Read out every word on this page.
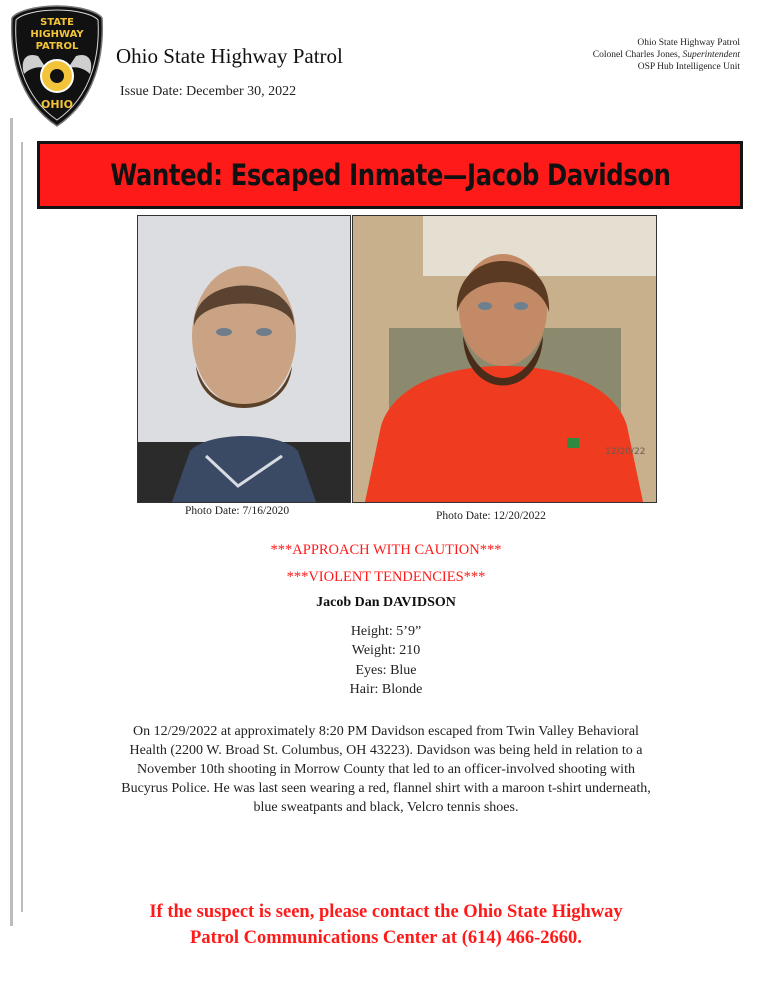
STATE
HIGHWAY
PATROL
OHIO
Ohio State Highway Patrol
Issue Date: December 30, 2022
Ohio State Highway Patrol
Colonel Charles Jones, Superintendent
OSP Hub Intelligence Unit
Wanted: Escaped Inmate—Jacob Davidson
Photo Date: 7/16/2020
12/20/22
Photo Date: 12/20/2022
***APPROACH WITH CAUTION***
***VIOLENT TENDENCIES***
Jacob Dan DAVIDSON
Height: 5’9”
Weight: 210
Eyes: Blue
Hair: Blonde
On 12/29/2022 at approximately 8:20 PM Davidson escaped from Twin Valley Behavioral
Health (2200 W. Broad St. Columbus, OH 43223). Davidson was being held in relation to a
November 10th shooting in Morrow County that led to an officer-involved shooting with
Bucyrus Police. He was last seen wearing a red, flannel shirt with a maroon t-shirt underneath,
blue sweatpants and black, Velcro tennis shoes.
If the suspect is seen, please contact the Ohio State Highway
Patrol Communications Center at (614) 466-2660.
